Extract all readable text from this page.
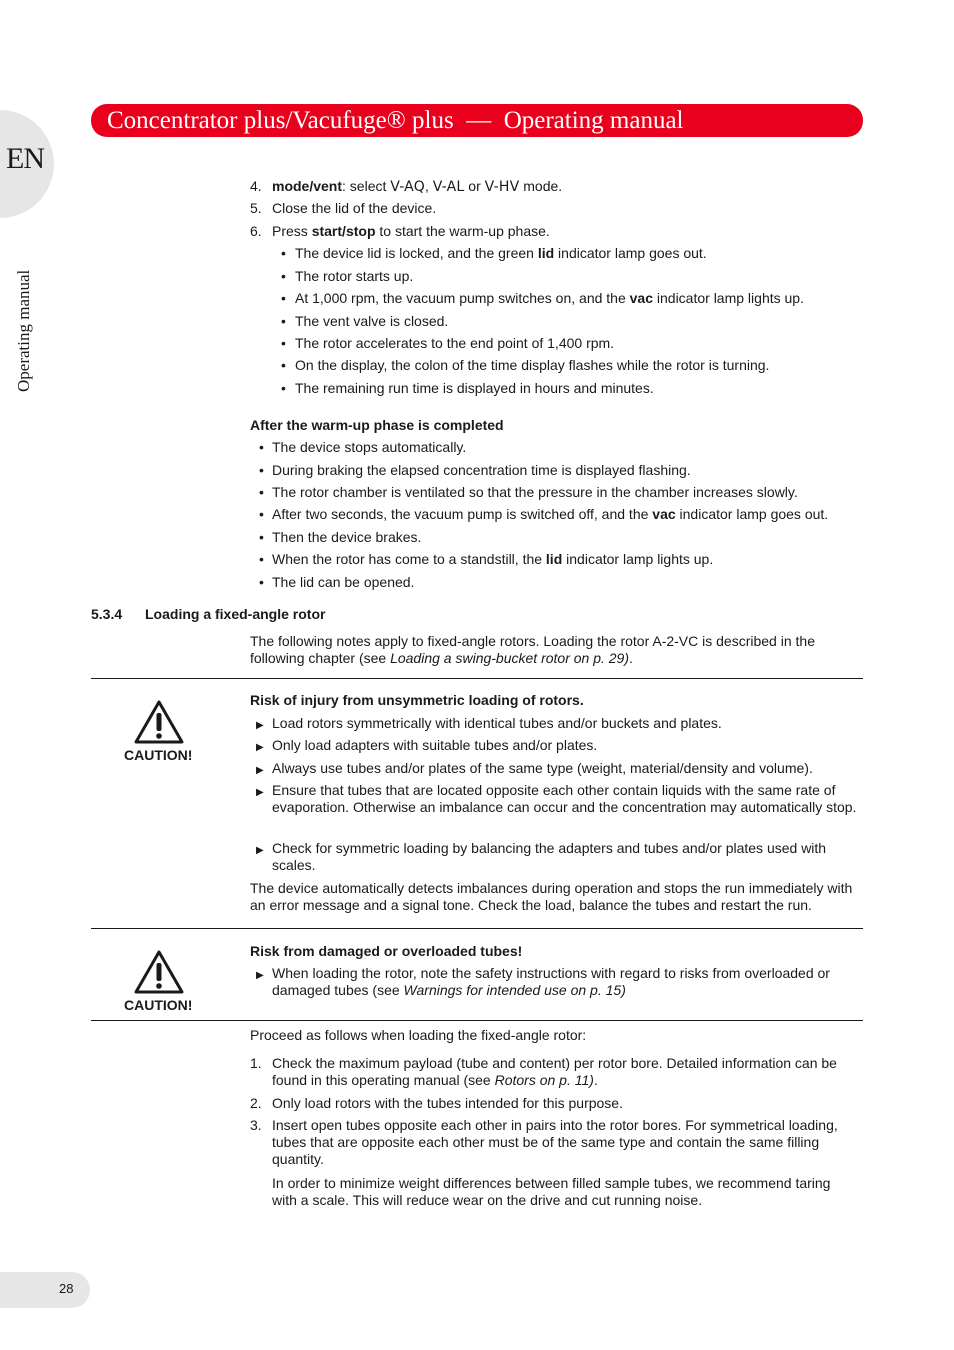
EN
Operating manual
Concentrator plus/Vacufuge® plus  —  Operating manual
4. mode/vent: select V-AQ, V-AL or V-HV mode.
5. Close the lid of the device.
6. Press start/stop to start the warm-up phase.
• The device lid is locked, and the green lid indicator lamp goes out.
• The rotor starts up.
• At 1,000 rpm, the vacuum pump switches on, and the vac indicator lamp lights up.
• The vent valve is closed.
• The rotor accelerates to the end point of 1,400 rpm.
• On the display, the colon of the time display flashes while the rotor is turning.
• The remaining run time is displayed in hours and minutes.
After the warm-up phase is completed
• The device stops automatically.
• During braking the elapsed concentration time is displayed flashing.
• The rotor chamber is ventilated so that the pressure in the chamber increases slowly.
• After two seconds, the vacuum pump is switched off, and the vac indicator lamp goes out.
• Then the device brakes.
• When the rotor has come to a standstill, the lid indicator lamp lights up.
• The lid can be opened.
5.3.4 Loading a fixed-angle rotor
The following notes apply to fixed-angle rotors. Loading the rotor A-2-VC is described in the following chapter (see Loading a swing-bucket rotor on p. 29).
CAUTION!
Risk of injury from unsymmetric loading of rotors.
▶ Load rotors symmetrically with identical tubes and/or buckets and plates.
▶ Only load adapters with suitable tubes and/or plates.
▶ Always use tubes and/or plates of the same type (weight, material/density and volume).
▶ Ensure that tubes that are located opposite each other contain liquids with the same rate of evaporation. Otherwise an imbalance can occur and the concentration may automatically stop.
▶ Check for symmetric loading by balancing the adapters and tubes and/or plates used with scales.
The device automatically detects imbalances during operation and stops the run immediately with an error message and a signal tone. Check the load, balance the tubes and restart the run.
CAUTION!
Risk from damaged or overloaded tubes!
▶ When loading the rotor, note the safety instructions with regard to risks from overloaded or damaged tubes (see Warnings for intended use on p. 15)
Proceed as follows when loading the fixed-angle rotor:
1. Check the maximum payload (tube and content) per rotor bore. Detailed information can be found in this operating manual (see Rotors on p. 11).
2. Only load rotors with the tubes intended for this purpose.
3. Insert open tubes opposite each other in pairs into the rotor bores. For symmetrical loading, tubes that are opposite each other must be of the same type and contain the same filling quantity.
In order to minimize weight differences between filled sample tubes, we recommend taring with a scale. This will reduce wear on the drive and cut running noise.
28
